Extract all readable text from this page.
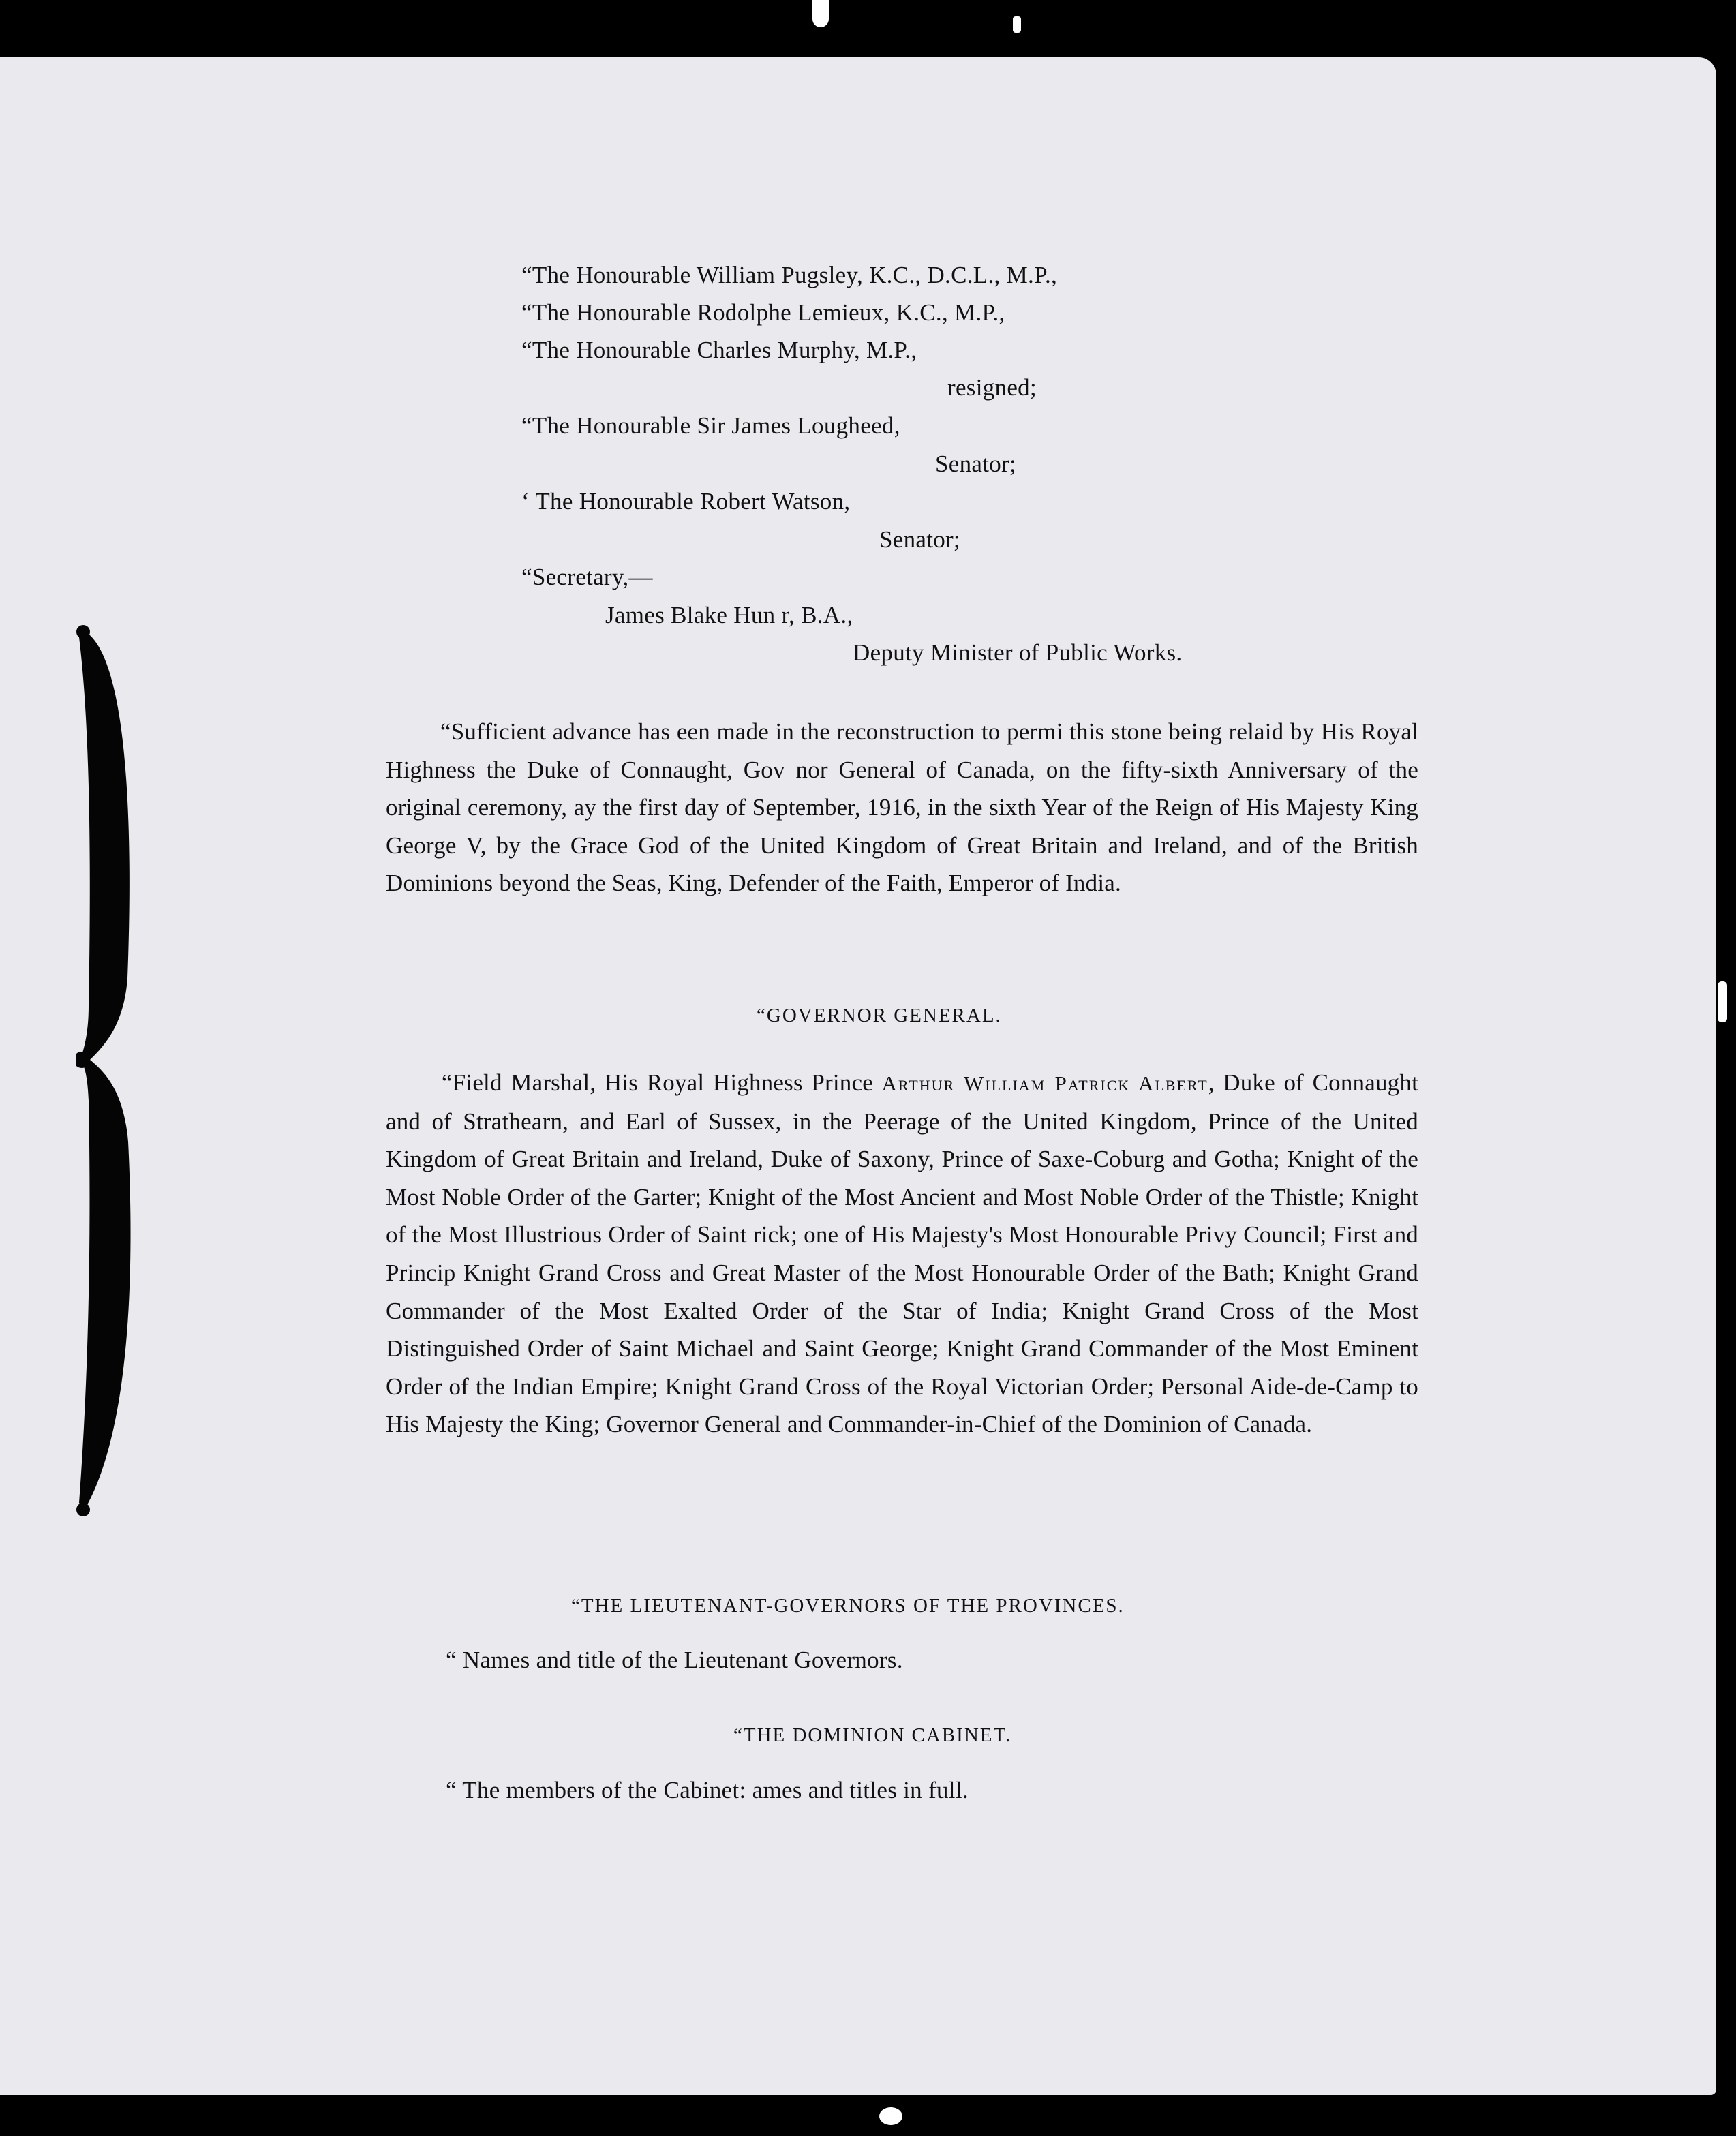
“The Honourable William Pugsley, K.C., D.C.L., M.P.,
“The Honourable Rodolphe Lemieux, K.C., M.P.,
“The Honourable Charles Murphy, M.P.,
resigned;
“The Honourable Sir James Lougheed,
Senator;
‘ The Honourable Robert Watson,
Senator;
“Secretary,—
James Blake Hun r, B.A.,
Deputy Minister of Public Works.
“Sufficient advance has een made in the reconstruction to permi this stone being relaid by His Royal Highness the Duke of Connaught, Gov nor General of Canada, on the fifty-sixth Anniversary of the original ceremony, ay the first day of September, 1916, in the sixth Year of the Reign of His Majesty King George V, by the Grace God of the United Kingdom of Great Britain and Ireland, and of the British Dominions beyond the Seas, King, Defender of the Faith, Emperor of India.
“GOVERNOR GENERAL.
“Field Marshal, His Royal Highness Prince Arthur William Patrick Albert, Duke of Connaught and of Strathearn, and Earl of Sussex, in the Peerage of the United Kingdom, Prince of the United Kingdom of Great Britain and Ireland, Duke of Saxony, Prince of Saxe-Coburg and Gotha; Knight of the Most Noble Order of the Garter; Knight of the Most Ancient and Most Noble Order of the Thistle; Knight of the Most Illustrious Order of Saint rick; one of His Majesty's Most Honourable Privy Council; First and Princip Knight Grand Cross and Great Master of the Most Honourable Order of the Bath; Knight Grand Commander of the Most Exalted Order of the Star of India; Knight Grand Cross of the Most Distinguished Order of Saint Michael and Saint George; Knight Grand Commander of the Most Eminent Order of the Indian Empire; Knight Grand Cross of the Royal Victorian Order; Personal Aide-de-Camp to His Majesty the King; Governor General and Commander-in-Chief of the Dominion of Canada.
“THE LIEUTENANT-GOVERNORS OF THE PROVINCES.
“ Names and title of the Lieutenant Governors.
“THE DOMINION CABINET.
“ The members of the Cabinet: ames and titles in full.
